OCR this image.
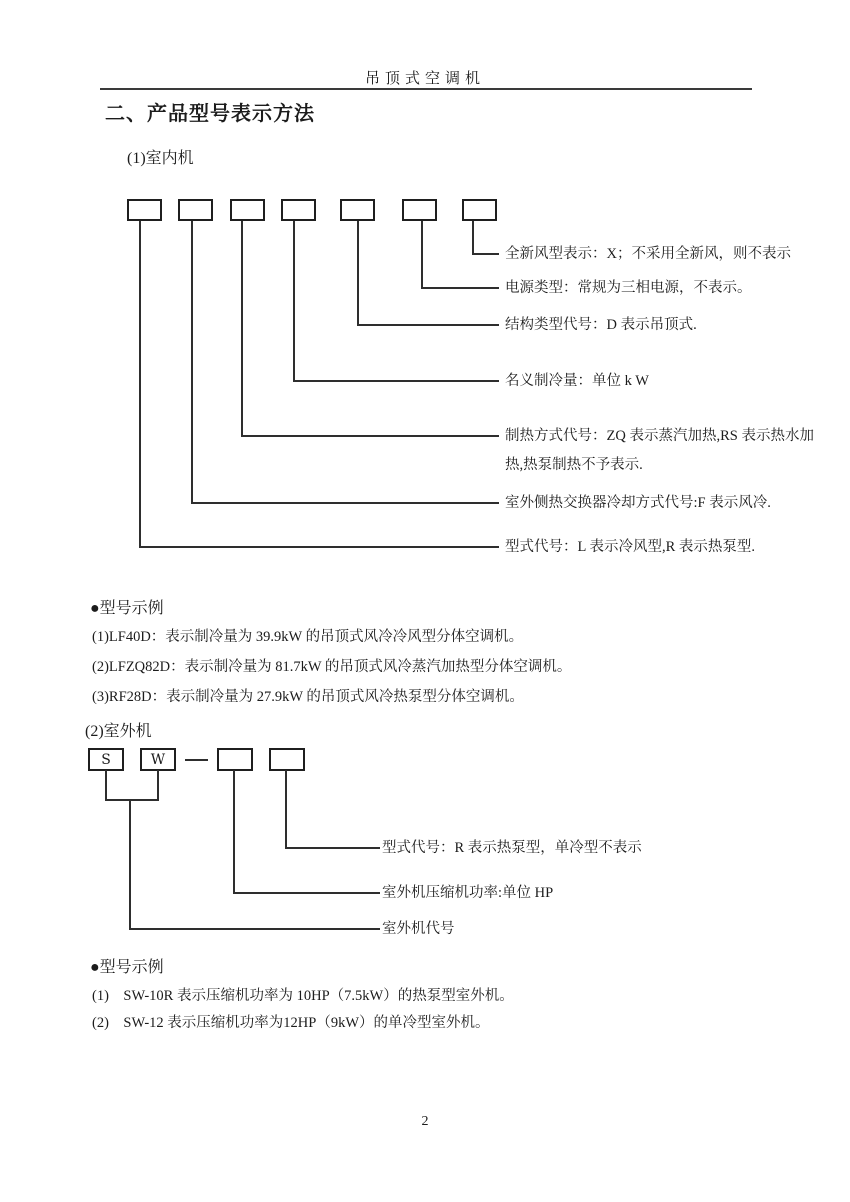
吊顶式空调机
二、产品型号表示方法
(1)室内机
全新风型表示：X；不采用全新风，则不表示
电源类型：常规为三相电源，不表示。
结构类型代号：D 表示吊顶式.
名义制冷量：单位 k W
制热方式代号：ZQ 表示蒸汽加热,RS 表示热水加热,热泵制热不予表示.
室外侧热交换器冷却方式代号:F 表示风冷.
型式代号：L 表示冷风型,R 表示热泵型.
●型号示例
(1)LF40D：表示制冷量为 39.9kW 的吊顶式风冷冷风型分体空调机。
(2)LFZQ82D：表示制冷量为 81.7kW 的吊顶式风冷蒸汽加热型分体空调机。
(3)RF28D：表示制冷量为 27.9kW 的吊顶式风冷热泵型分体空调机。
(2)室外机
S	W
型式代号：R 表示热泵型，单冷型不表示
室外机压缩机功率:单位 HP
室外机代号
●型号示例
(1)　SW-10R 表示压缩机功率为 10HP（7.5kW）的热泵型室外机。
(2)　SW-12 表示压缩机功率为12HP（9kW）的单冷型室外机。
2
